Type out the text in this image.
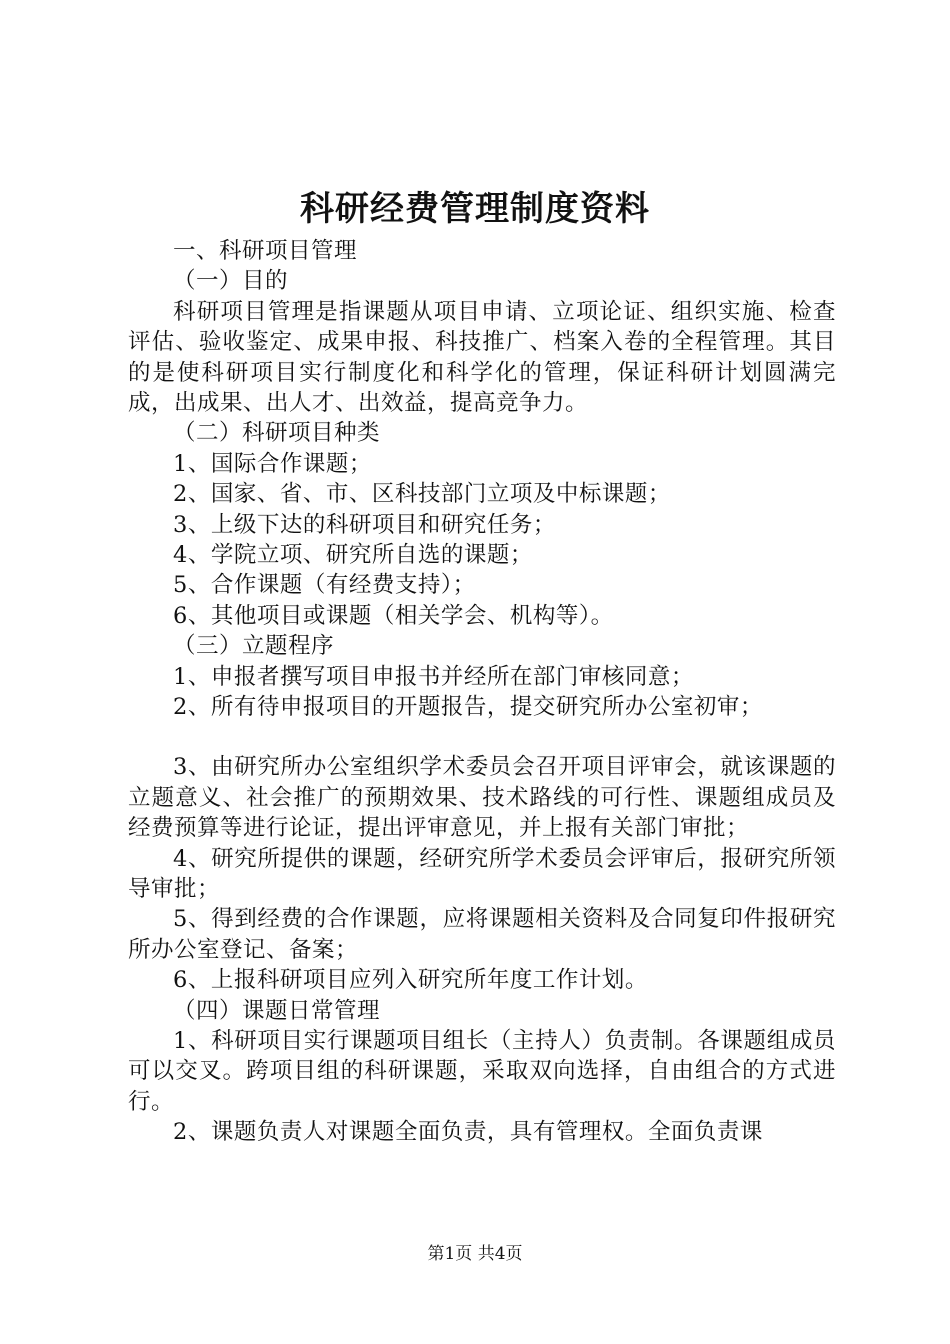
科研经费管理制度资料
一、科研项目管理
（一）目的
科研项目管理是指课题从项目申请、立项论证、组织实施、检查评估、验收鉴定、成果申报、科技推广、档案入卷的全程管理。其目的是使科研项目实行制度化和科学化的管理，保证科研计划圆满完成，出成果、出人才、出效益，提高竞争力。
（二）科研项目种类
1、国际合作课题；
2、国家、省、市、区科技部门立项及中标课题；
3、上级下达的科研项目和研究任务；
4、学院立项、研究所自选的课题；
5、合作课题（有经费支持）；
6、其他项目或课题（相关学会、机构等）。
（三）立题程序
1、申报者撰写项目申报书并经所在部门审核同意；
2、所有待申报项目的开题报告，提交研究所办公室初审；
3、由研究所办公室组织学术委员会召开项目评审会，就该课题的立题意义、社会推广的预期效果、技术路线的可行性、课题组成员及经费预算等进行论证，提出评审意见，并上报有关部门审批；
4、研究所提供的课题，经研究所学术委员会评审后，报研究所领导审批；
5、得到经费的合作课题，应将课题相关资料及合同复印件报研究所办公室登记、备案；
6、上报科研项目应列入研究所年度工作计划。
（四）课题日常管理
1、科研项目实行课题项目组长（主持人）负责制。各课题组成员可以交叉。跨项目组的科研课题，采取双向选择，自由组合的方式进行。
2、课题负责人对课题全面负责，具有管理权。全面负责课
第1页 共4页
